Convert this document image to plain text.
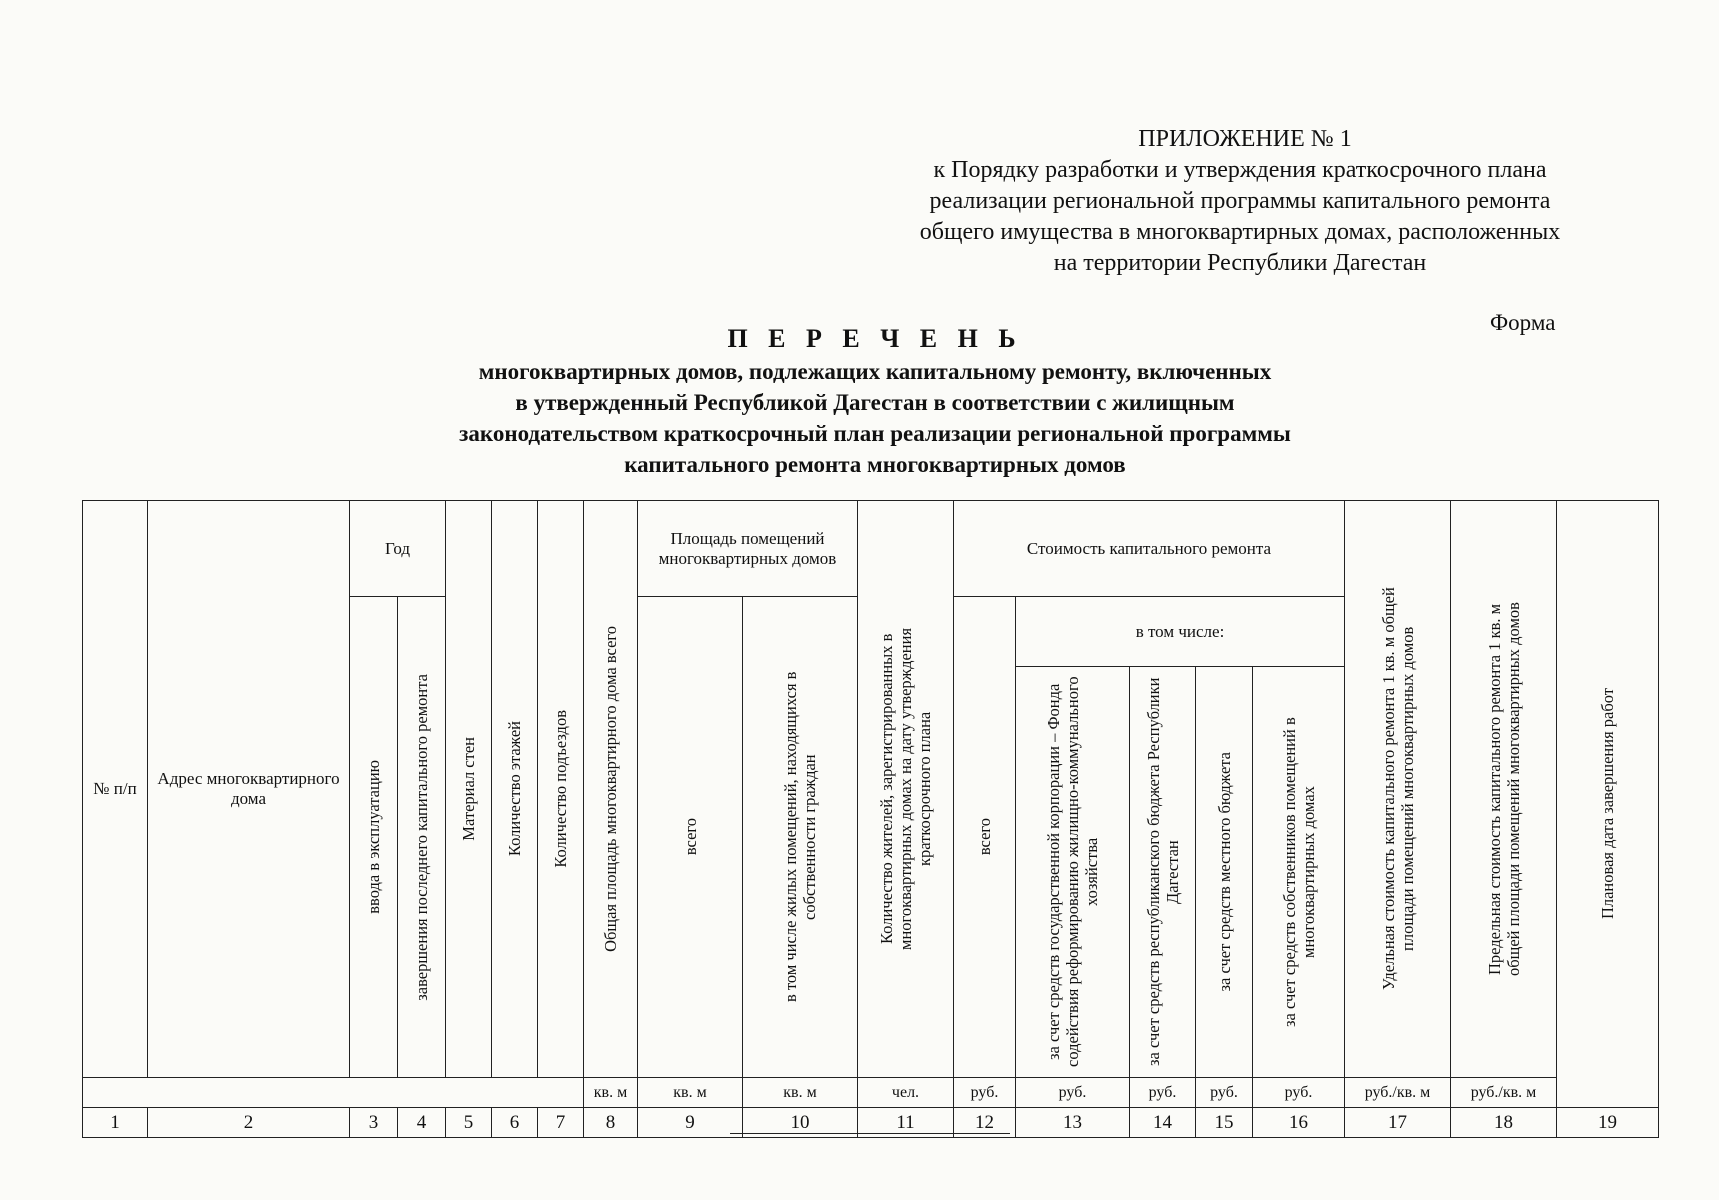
ПРИЛОЖЕНИЕ № 1
к Порядку разработки и утверждения краткосрочного плана
реализации региональной программы капитального ремонта
общего имущества в многоквартирных домах, расположенных
на территории Республики Дагестан
Форма
П Е Р Е Ч Е Н Ь
многоквартирных домов, подлежащих капитальному ремонту, включенных
в утвержденный Республикой Дагестан в соответствии с жилищным
законодательством краткосрочный план реализации региональной программы
капитального ремонта многоквартирных домов
№ п/п	Адрес многоквартирного дома	Год		Материал стен	Количество этажей	Количество подъездов	Общая площадь многоквартирного дома всего	Площадь помещений многоквартирных домов		Количество жителей, зарегистрированных в многоквартирных домах на дату утверждения краткосрочного плана	Стоимость капитального ремонта					Удельная стоимость капитального ремонта 1 кв. м общей площади помещений многоквартирных домов	Предельная стоимость капитального ремонта 1 кв. м общей площади помещений многоквартирных домов	Плановая дата завершения работ

		ввода в эксплуатацию	завершения последнего капитального ремонта					всего	в том числе жилых помещений, находящихся в собственности граждан		всего	в том числе:						

												за счет средств государственной корпорации – Фонда содействия реформированию жилищно-коммунального хозяйства	за счет средств республиканского бюджета Республики Дагестан	за счет средств местного бюджета	за счет средств собственников помещений в многоквартирных домах			

							кв. м	кв. м	кв. м	чел.	руб.	руб.	руб.	руб.	руб.	руб./кв. м	руб./кв. м	
1	2	3	4	5	6	7	8	9	10	11	12	13	14	15	16	17	18	19
